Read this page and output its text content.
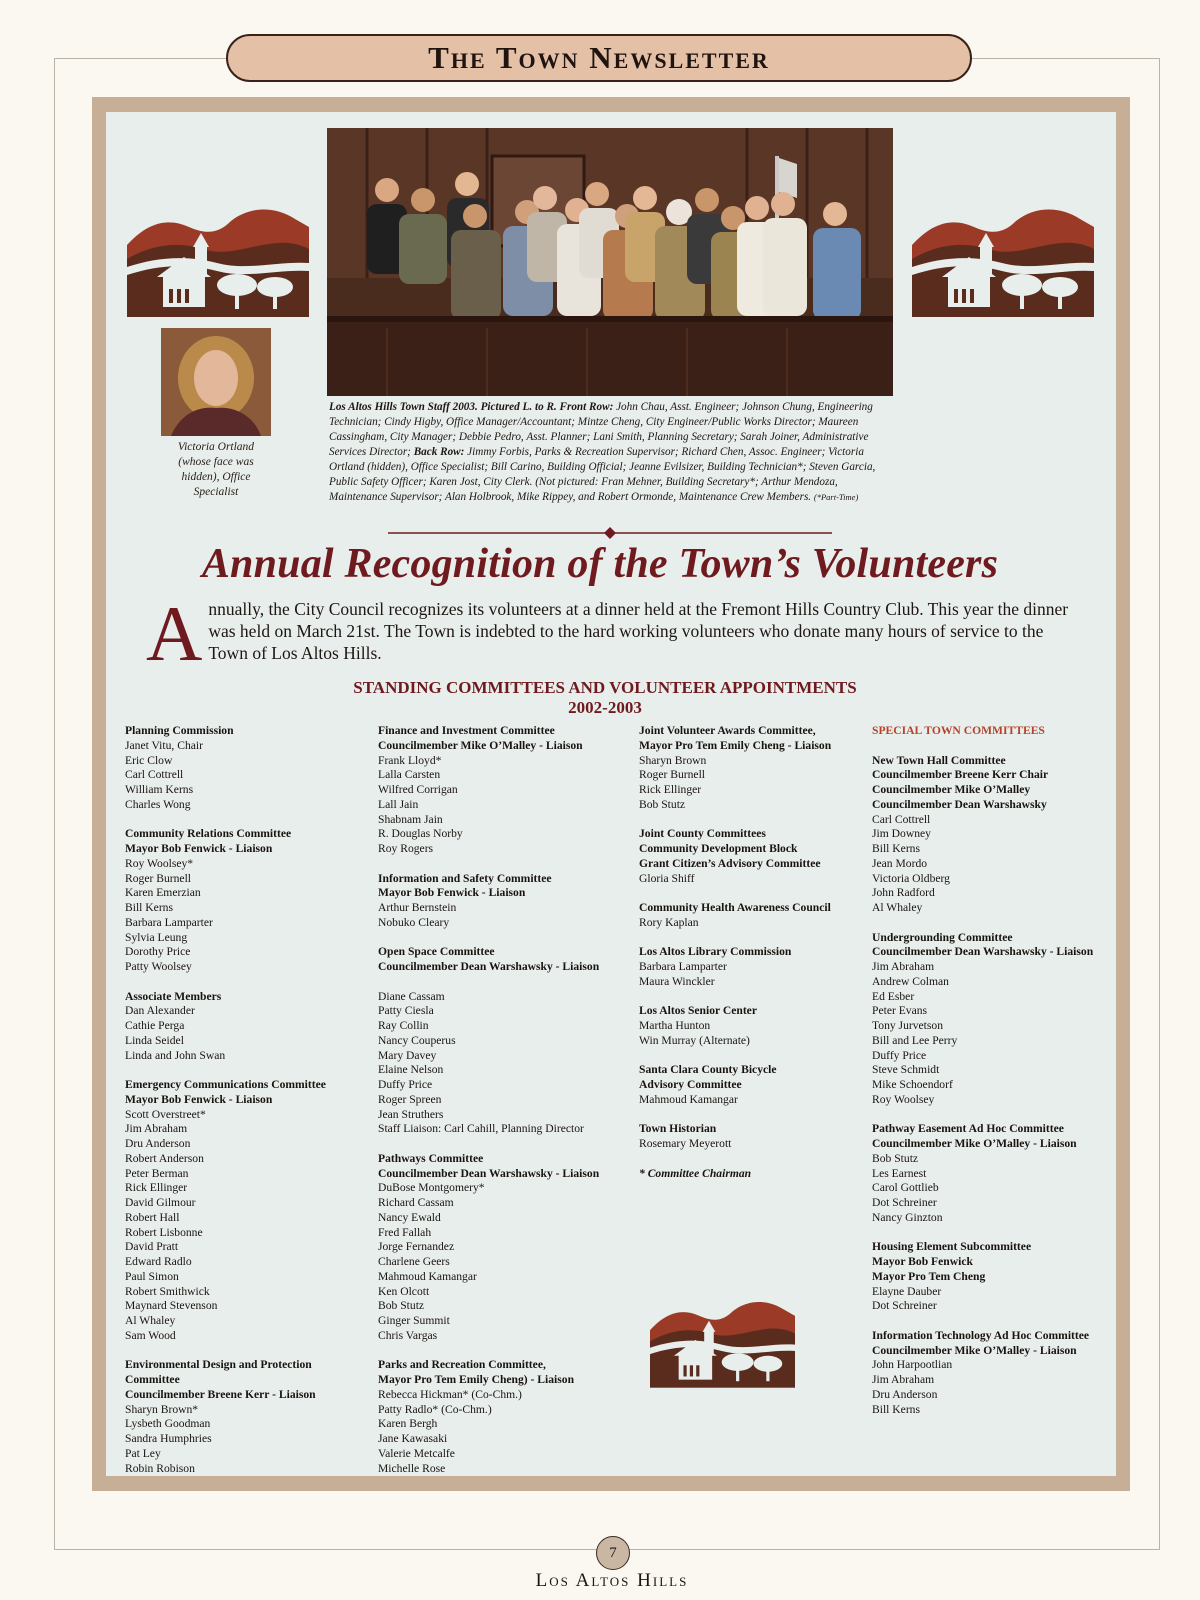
The Town Newsletter
Victoria Ortland
(whose face was
hidden), Office
Specialist
Los Altos Hills Town Staff 2003. Pictured L. to R. Front Row: John Chau, Asst. Engineer; Johnson Chung, Engineering Technician; Cindy Higby, Office Manager/Accountant; Mintze Cheng, City Engineer/Public Works Director; Maureen Cassingham, City Manager; Debbie Pedro, Asst. Planner; Lani Smith, Planning Secretary; Sarah Joiner, Administrative Services Director; Back Row: Jimmy Forbis, Parks & Recreation Supervisor; Richard Chen, Assoc. Engineer; Victoria Ortland (hidden), Office Specialist; Bill Carino, Building Official; Jeanne Evilsizer, Building Technician*; Steven Garcia, Public Safety Officer; Karen Jost, City Clerk. (Not pictured: Fran Mehner, Building Secretary*; Arthur Mendoza, Maintenance Supervisor; Alan Holbrook, Mike Rippey, and Robert Ormonde, Maintenance Crew Members. (*Part-Time)
Annual Recognition of the Town’s Volunteers
Annually, the City Council recognizes its volunteers at a dinner held at the Fremont Hills Country Club. This year the dinner was held on March 21st. The Town is indebted to the hard working volunteers who donate many hours of service to the Town of Los Altos Hills.
STANDING COMMITTEES AND VOLUNTEER APPOINTMENTS
2002-2003
Planning Commission
Janet Vitu, Chair
Eric Clow
Carl Cottrell
William Kerns
Charles Wong
Community Relations Committee
Mayor Bob Fenwick - Liaison
Roy Woolsey*
Roger Burnell
Karen Emerzian
Bill Kerns
Barbara Lamparter
Sylvia Leung
Dorothy Price
Patty Woolsey
Associate Members
Dan Alexander
Cathie Perga
Linda Seidel
Linda and John Swan
Emergency Communications Committee
Mayor Bob Fenwick - Liaison
Scott Overstreet*
Jim Abraham
Dru Anderson
Robert Anderson
Peter Berman
Rick Ellinger
David Gilmour
Robert Hall
Robert Lisbonne
David Pratt
Edward Radlo
Paul Simon
Robert Smithwick
Maynard Stevenson
Al Whaley
Sam Wood
Environmental Design and Protection
Committee
Councilmember Breene Kerr - Liaison
Sharyn Brown*
Lysbeth Goodman
Sandra Humphries
Pat Ley
Robin Robison
Finance and Investment Committee
Councilmember Mike O’Malley - Liaison
Frank Lloyd*
Lalla Carsten
Wilfred Corrigan
Lall Jain
Shabnam Jain
R. Douglas Norby
Roy Rogers
Information and Safety Committee
Mayor Bob Fenwick - Liaison
Arthur Bernstein
Nobuko Cleary
Open Space Committee
Councilmember Dean Warshawsky - Liaison

Diane Cassam
Patty Ciesla
Ray Collin
Nancy Couperus
Mary Davey
Elaine Nelson
Duffy Price
Roger Spreen
Jean Struthers
Staff Liaison: Carl Cahill, Planning Director
Pathways Committee
Councilmember Dean Warshawsky - Liaison
DuBose Montgomery*
Richard Cassam
Nancy Ewald
Fred Fallah
Jorge Fernandez
Charlene Geers
Mahmoud Kamangar
Ken Olcott
Bob Stutz
Ginger Summit
Chris Vargas
Parks and Recreation Committee,
Mayor Pro Tem Emily Cheng) - Liaison
Rebecca Hickman* (Co-Chm.)
Patty Radlo* (Co-Chm.)
Karen Bergh
Jane Kawasaki
Valerie Metcalfe
Michelle Rose
Joint Volunteer Awards Committee,
Mayor Pro Tem Emily Cheng - Liaison
Sharyn Brown
Roger Burnell
Rick Ellinger
Bob Stutz
Joint County Committees
Community Development Block
Grant Citizen’s Advisory Committee
Gloria Shiff
Community Health Awareness Council
Rory Kaplan
Los Altos Library Commission
Barbara Lamparter
Maura Winckler
Los Altos Senior Center
Martha Hunton
Win Murray (Alternate)
Santa Clara County Bicycle
Advisory Committee
Mahmoud Kamangar
Town Historian
Rosemary Meyerott
* Committee Chairman
SPECIAL TOWN COMMITTEES
New Town Hall Committee
Councilmember Breene Kerr Chair
Councilmember Mike O’Malley
Councilmember Dean Warshawsky
Carl Cottrell
Jim Downey
Bill Kerns
Jean Mordo
Victoria Oldberg
John Radford
Al Whaley
Undergrounding Committee
Councilmember Dean Warshawsky - Liaison
Jim Abraham
Andrew Colman
Ed Esber
Peter Evans
Tony Jurvetson
Bill and Lee Perry
Duffy Price
Steve Schmidt
Mike Schoendorf
Roy Woolsey
Pathway Easement Ad Hoc Committee
Councilmember Mike O’Malley - Liaison
Bob Stutz
Les Earnest
Carol Gottlieb
Dot Schreiner
Nancy Ginzton
Housing Element Subcommittee
Mayor Bob Fenwick
Mayor Pro Tem Cheng
Elayne Dauber
Dot Schreiner
Information Technology Ad Hoc Committee
Councilmember Mike O’Malley - Liaison
John Harpootlian
Jim Abraham
Dru Anderson
Bill Kerns
7
Los Altos Hills
